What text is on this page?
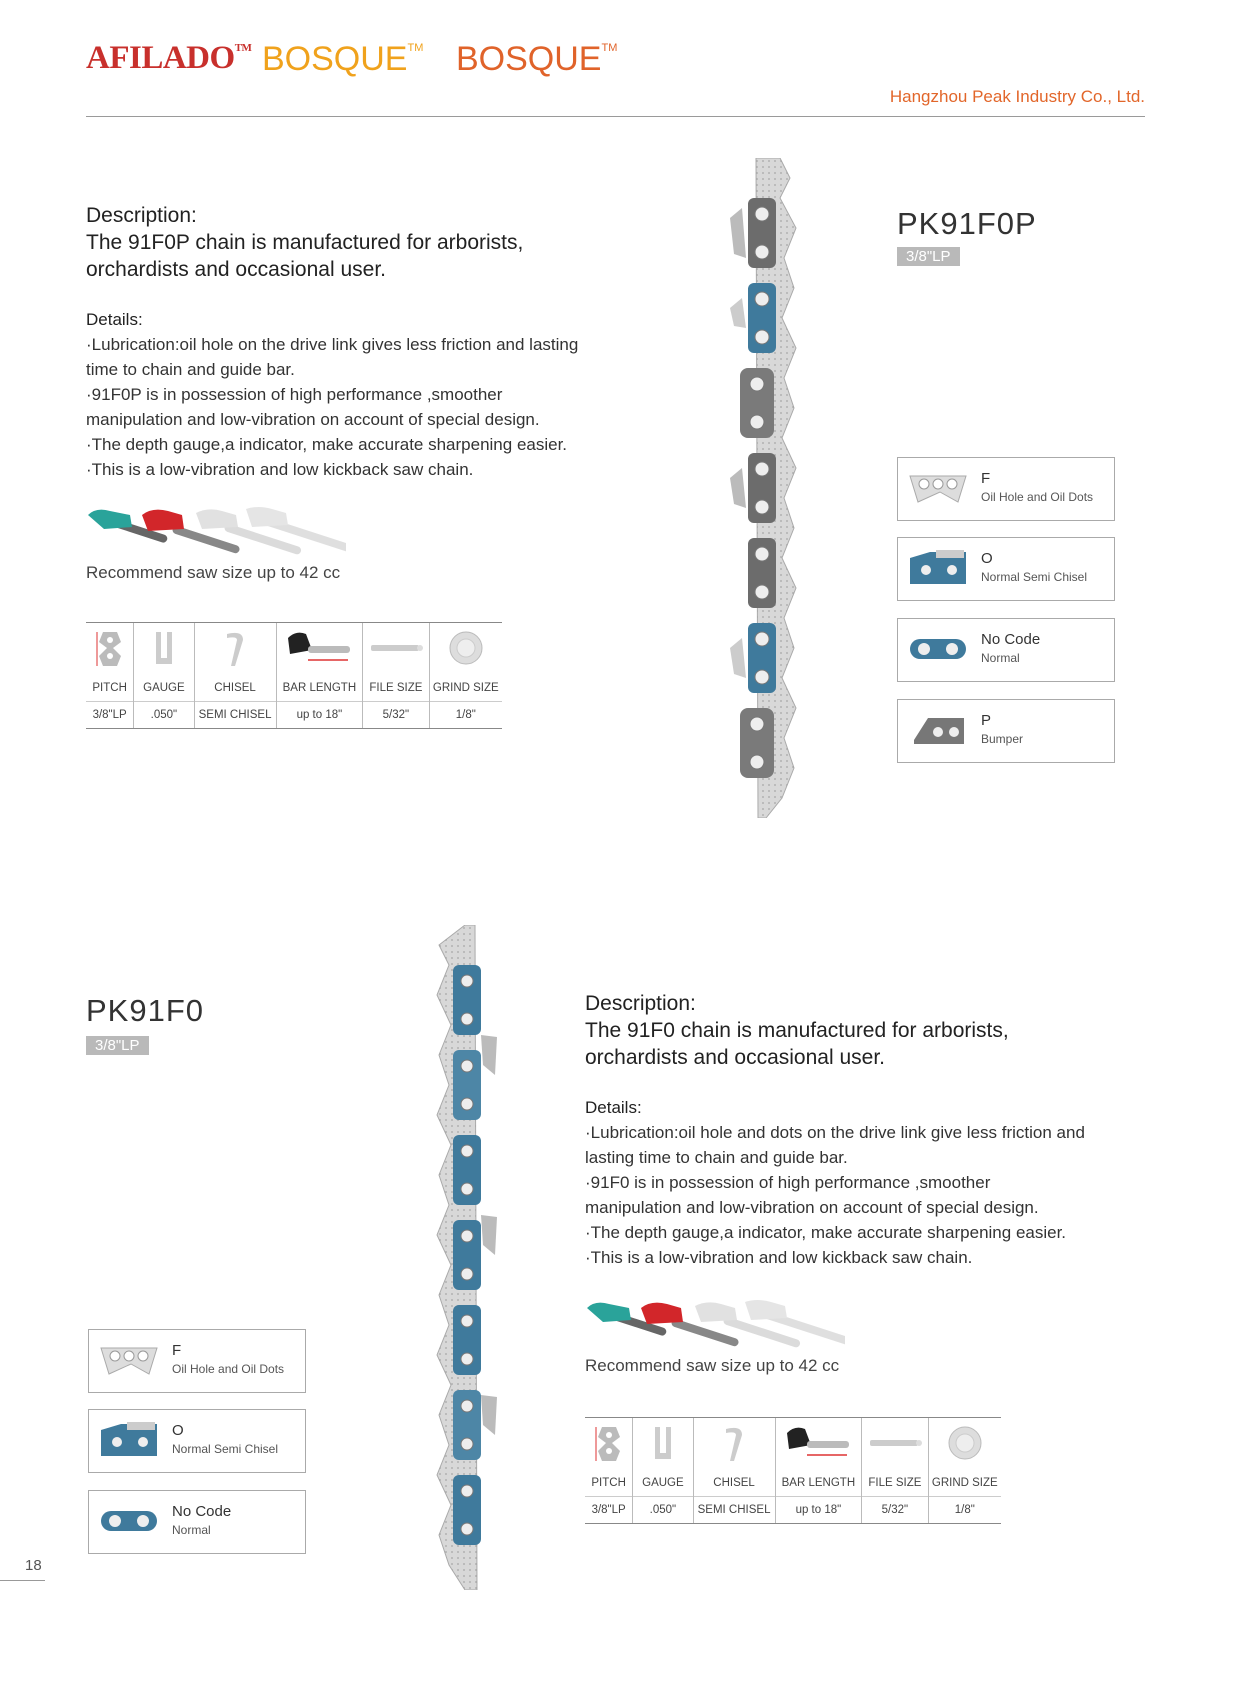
AFILADO™ BOSQUE™ BOSQUE™
Hangzhou Peak Industry Co., Ltd.
Description:
The 91F0P chain is manufactured for arborists, orchardists and occasional user.
Details:
·Lubrication:oil hole on the drive link gives less friction and lasting
time to chain and guide bar.
·91F0P is in possession of high performance ,smoother
manipulation and low-vibration on account of special design.
·The depth gauge,a indicator, make accurate sharpening easier.
·This is a low-vibration and low kickback saw chain.
Recommend saw size up to 42 cc

PITCH	GAUGE	CHISEL	BAR LENGTH	FILE SIZE	GRIND SIZE
3/8"LP	.050"	SEMI CHISEL	up to 18"	5/32"	1/8"
PK91F0P
3/8"LP
F
Oil Hole and Oil Dots
O
Normal Semi Chisel
No Code
Normal
P
Bumper
PK91F0
3/8"LP
Description:
The 91F0 chain is manufactured for arborists, orchardists and occasional user.
Details:
·Lubrication:oil hole and dots on the drive link give less friction and
lasting time to chain and guide bar.
·91F0 is in possession of high performance ,smoother
manipulation and low-vibration on account of special design.
·The depth gauge,a indicator, make accurate sharpening easier.
·This is a low-vibration and low kickback saw chain.
Recommend saw size up to 42 cc

PITCH	GAUGE	CHISEL	BAR LENGTH	FILE SIZE	GRIND SIZE
3/8"LP	.050"	SEMI CHISEL	up to 18"	5/32"	1/8"
F
Oil Hole and Oil Dots
O
Normal Semi Chisel
No Code
Normal
18
